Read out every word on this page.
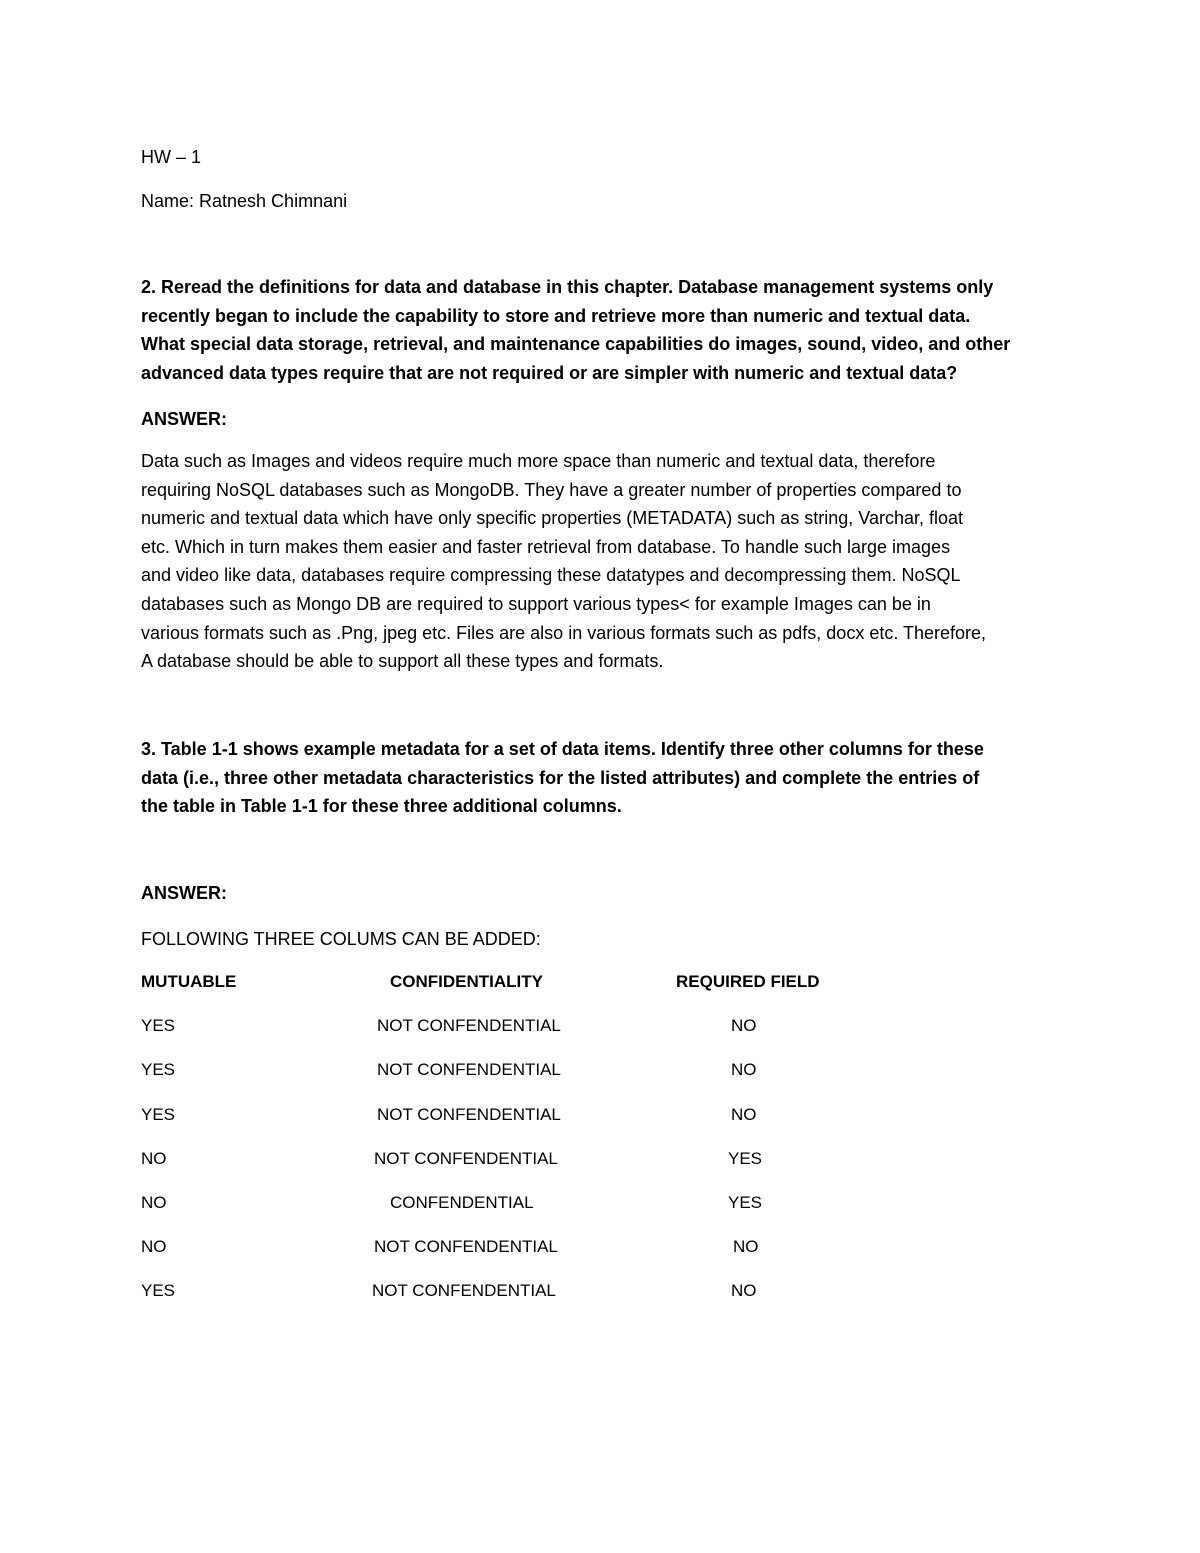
HW – 1
Name: Ratnesh Chimnani

2. Reread the definitions for data and database in this chapter. Database management systems only
recently began to include the capability to store and retrieve more than numeric and textual data.
What special data storage, retrieval, and maintenance capabilities do images, sound, video, and other
advanced data types require that are not required or are simpler with numeric and textual data?

ANSWER:

Data such as Images and videos require much more space than numeric and textual data, therefore
requiring NoSQL databases such as MongoDB. They have a greater number of properties compared to
numeric and textual data which have only specific properties (METADATA) such as string, Varchar, float
etc. Which in turn makes them easier and faster retrieval from database. To handle such large images
and video like data, databases require compressing these datatypes and decompressing them. NoSQL
databases such as Mongo DB are required to support various types< for example Images can be in
various formats such as .Png, jpeg etc. Files are also in various formats such as pdfs, docx etc. Therefore,
A database should be able to support all these types and formats.

3. Table 1-1 shows example metadata for a set of data items. Identify three other columns for these
data (i.e., three other metadata characteristics for the listed attributes) and complete the entries of
the table in Table 1-1 for these three additional columns.

ANSWER:
FOLLOWING THREE COLUMS CAN BE ADDED:
MUTUABLE	CONFIDENTIALITY	REQUIRED FIELD
YES	NOT CONFENDENTIAL	NO
YES	NOT CONFENDENTIAL	NO
YES	NOT CONFENDENTIAL	NO
NO	NOT CONFENDENTIAL	YES
NO	CONFENDENTIAL	YES
NO	NOT CONFENDENTIAL	NO
YES	NOT CONFENDENTIAL	NO
